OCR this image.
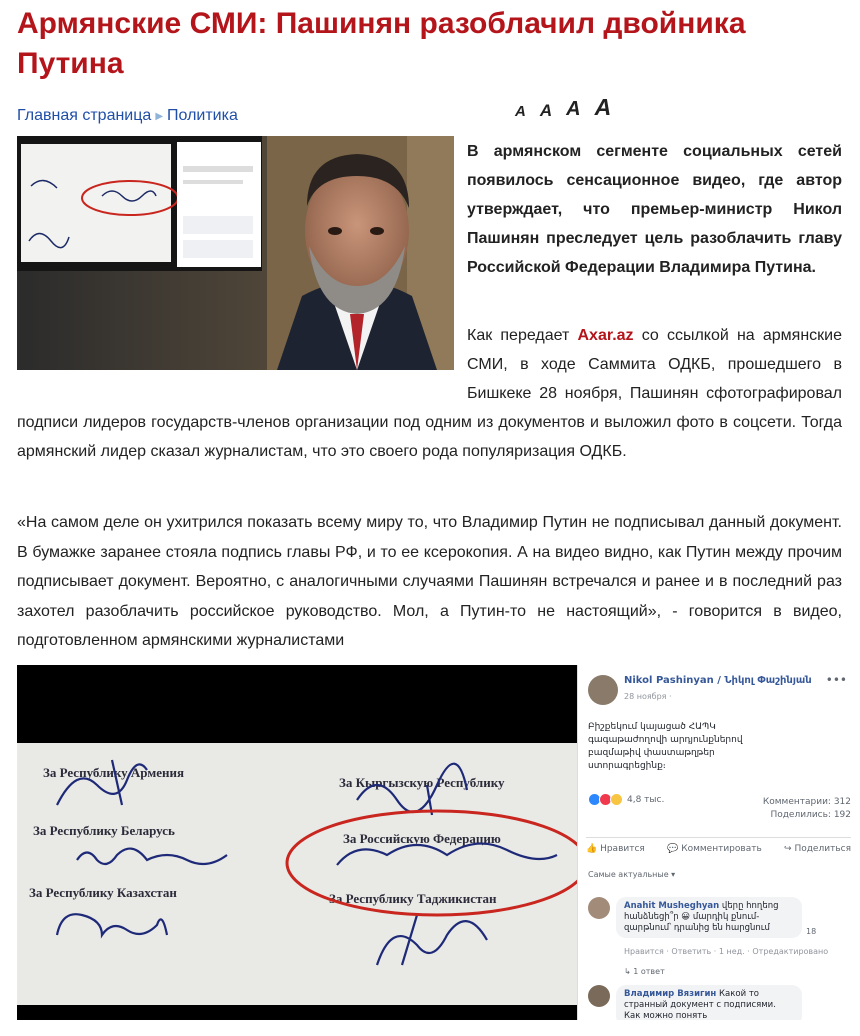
Армянские СМИ: Пашинян разоблачил двойника Путина
Главная страница ▶ Политика	A A A A

В армянском сегменте социальных сетей появилось сенсационное видео, где автор утверждает, что премьер-министр Никол Пашинян преследует цель разоблачить главу Российской Федерации Владимира Путина.

Как передает Axar.az со ссылкой на армянские СМИ, в ходе Саммита ОДКБ, прошедшего в Бишкеке 28 ноября, Пашинян сфотографировал подписи лидеров государств-членов организации под одним из документов и выложил фото в соцсети. Тогда армянский лидер сказал журналистам, что это своего рода популяризация ОДКБ.

«На самом деле он ухитрился показать всему миру то, что Владимир Путин не подписывал данный документ. В бумажке заранее стояла подпись главы РФ, и то ее ксерокопия. А на видео видно, как Путин между прочим подписывает документ. Вероятно, с аналогичными случаями Пашинян встречался и ранее и в последний раз захотел разоблачить российское руководство. Мол, а Путин-то не настоящий», - говорится в видео, подготовленном армянскими журналистами

За Республику Армения
За Кыргызскую Республику
За Республику Беларусь
За Российскую Федерацию
За Республику Казахстан	За Республику Таджикистан
Nikol Pashinyan / Նիկոլ Փաշինյան
28 ноября ·
•••
Բիշքեկում կայացած ՀԱՊԿ գագաթաժողովի արդյունքներով բազմաթիվ փաստաթղթեր ստորագրեցինք։
4,8 тыс.	Комментарии: 312
Поделились: 192
👍 Нравится 💬 Комментировать ↪ Поделиться
Самые актуальные ▾
Anahit Musheghyan վերը հողեոց հանձնեցի՞ր 😀 մարդիկ քնում- զարթնում՝ դրանից են հարցնում	18
Нравится · Ответить · 1 нед. · Отредактировано
↳ 1 ответ
Владимир Вязигин Какой то странный документ с подписями. Как можно понять
